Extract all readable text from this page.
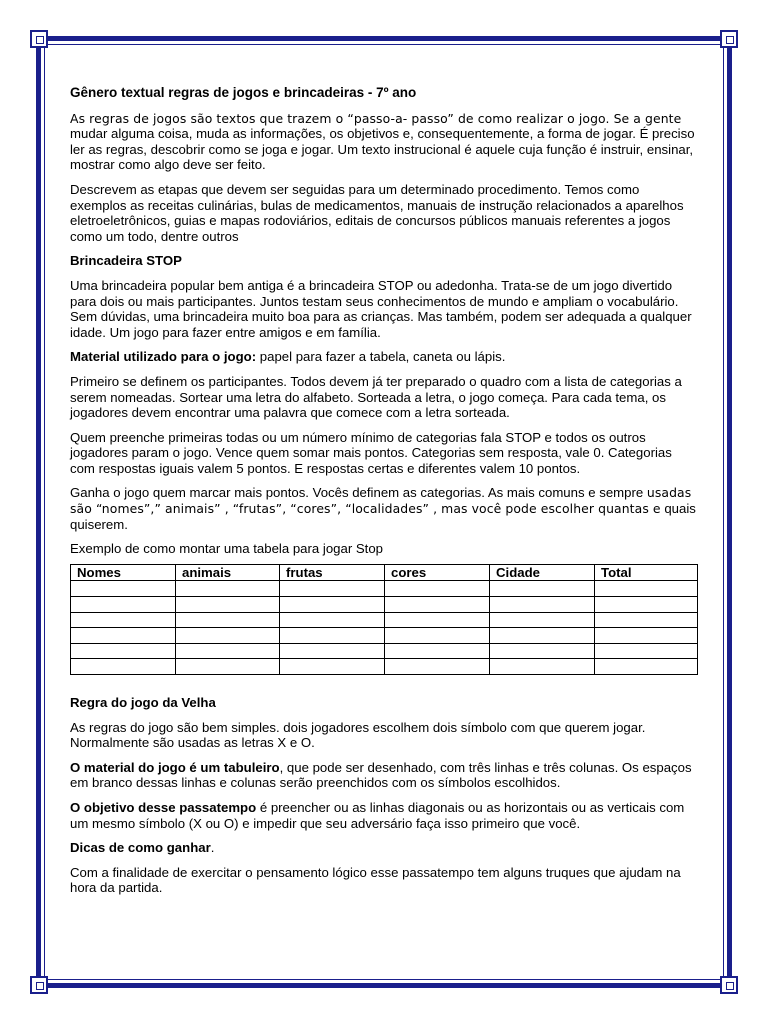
Gênero textual regras de jogos e brincadeiras - 7º ano

As regras de jogos são textos que trazem o “passo-a- passo” de como realizar o jogo. Se a gente mudar alguma coisa, muda as informações, os objetivos e, consequentemente, a forma de jogar. É preciso ler as regras, descobrir como se joga e jogar. Um texto instrucional é aquele cuja função é instruir, ensinar, mostrar como algo deve ser feito.

Descrevem as etapas que devem ser seguidas para um determinado procedimento. Temos como exemplos as receitas culinárias, bulas de medicamentos, manuais de instrução relacionados a aparelhos eletroeletrônicos, guias e mapas rodoviários, editais de concursos públicos manuais referentes a jogos como um todo, dentre outros

Brincadeira STOP

Uma brincadeira popular bem antiga é a brincadeira STOP ou adedonha. Trata-se de um jogo divertido para dois ou mais participantes. Juntos testam seus conhecimentos de mundo e ampliam o vocabulário. Sem dúvidas, uma brincadeira muito boa para as crianças. Mas também, podem ser adequada a qualquer idade. Um jogo para fazer entre amigos e em família.

Material utilizado para o jogo: papel para fazer a tabela, caneta ou lápis.

Primeiro se definem os participantes. Todos devem já ter preparado o quadro com a lista de categorias a serem nomeadas. Sortear uma letra do alfabeto. Sorteada a letra, o jogo começa. Para cada tema, os jogadores devem encontrar uma palavra que comece com a letra sorteada.

Quem preenche primeiras todas ou um número mínimo de categorias fala STOP e todos os outros jogadores param o jogo. Vence quem somar mais pontos. Categorias sem resposta, vale 0. Categorias com respostas iguais valem 5 pontos. E respostas certas e diferentes valem 10 pontos.

Ganha o jogo quem marcar mais pontos. Vocês definem as categorias. As mais comuns e sempre usadas são “nomes”,” animais” , “frutas”, “cores”, “localidades” , mas você pode escolher quantas e quais quiserem.

Exemplo de como montar uma tabela para jogar Stop

Nomes	animais	frutas	cores	Cidade	Total

Regra do jogo da Velha

As regras do jogo são bem simples. dois jogadores escolhem dois símbolo com que querem jogar. Normalmente são usadas as letras X e O.

O material do jogo é um tabuleiro, que pode ser desenhado, com três linhas e três colunas. Os espaços em branco dessas linhas e colunas serão preenchidos com os símbolos escolhidos.

O objetivo desse passatempo é preencher ou as linhas diagonais ou as horizontais ou as verticais com um mesmo símbolo (X ou O) e impedir que seu adversário faça isso primeiro que você.

Dicas de como ganhar.

Com a finalidade de exercitar o pensamento lógico esse passatempo tem alguns truques que ajudam na hora da partida.
